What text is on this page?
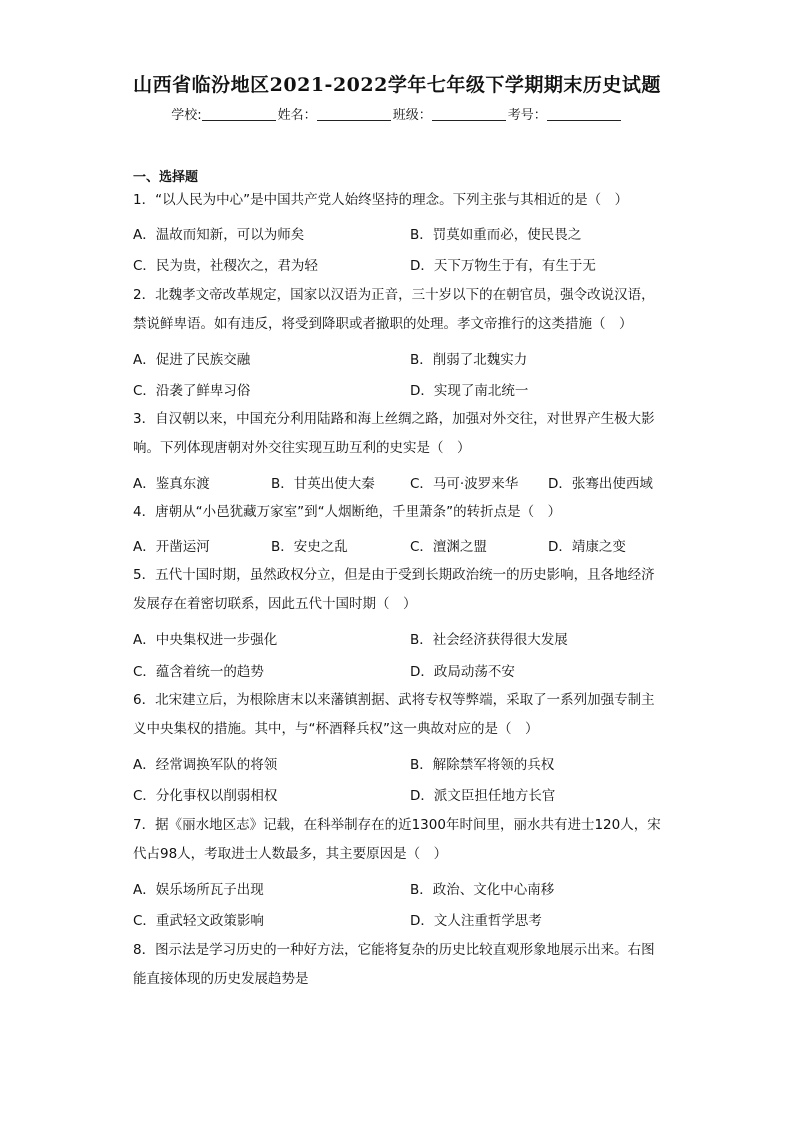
山西省临汾地区2021-2022学年七年级下学期期末历史试题
学校:	姓名：	班级：	考号：
一、选择题
1．“以人民为中心”是中国共产党人始终坚持的理念。下列主张与其相近的是（　）
A．温故而知新，可以为师矣	B．罚莫如重而必，使民畏之
C．民为贵，社稷次之，君为轻	D．天下万物生于有，有生于无
2．北魏孝文帝改革规定，国家以汉语为正音，三十岁以下的在朝官员，强令改说汉语，禁说鲜卑语。如有违反，将受到降职或者撤职的处理。孝文帝推行的这类措施（　）
A．促进了民族交融	B．削弱了北魏实力
C．沿袭了鲜卑习俗	D．实现了南北统一
3．自汉朝以来，中国充分利用陆路和海上丝绸之路，加强对外交往，对世界产生极大影响。下列体现唐朝对外交往实现互助互利的史实是（　）
A．鉴真东渡	B．甘英出使大秦	C．马可·波罗来华 D．张骞出使西域
4．唐朝从“小邑犹藏万家室”到“人烟断绝，千里萧条”的转折点是（　）
A．开凿运河	B．安史之乱	C．澶渊之盟	D．靖康之变
5．五代十国时期，虽然政权分立，但是由于受到长期政治统一的历史影响，且各地经济发展存在着密切联系，因此五代十国时期（　）
A．中央集权进一步强化	B．社会经济获得很大发展
C．蕴含着统一的趋势	D．政局动荡不安
6．北宋建立后，为根除唐末以来藩镇割据、武将专权等弊端，采取了一系列加强专制主义中央集权的措施。其中，与“杯酒释兵权”这一典故对应的是（　）
A．经常调换军队的将领	B．解除禁军将领的兵权
C．分化事权以削弱相权	D．派文臣担任地方长官
7．据《丽水地区志》记载，在科举制存在的近1300年时间里，丽水共有进士120人，宋代占98人，考取进士人数最多，其主要原因是（　）
A．娱乐场所瓦子出现	B．政治、文化中心南移
C．重武轻文政策影响	D．文人注重哲学思考
8．图示法是学习历史的一种好方法，它能将复杂的历史比较直观形象地展示出来。右图能直接体现的历史发展趋势是
